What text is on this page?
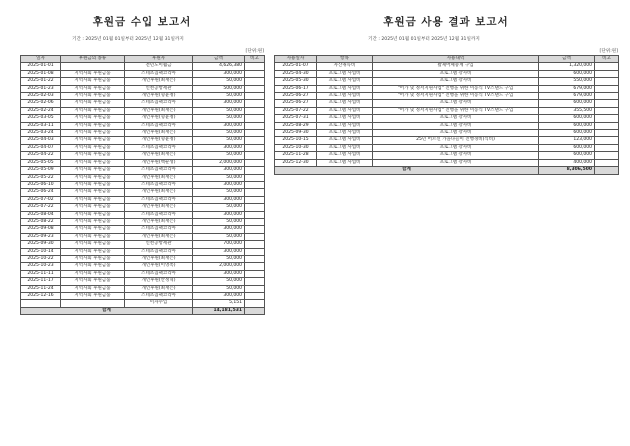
후원금 수입 보고서
기간 : 2025년 01월 01일부터 2025년 12월 31일까지
[단위:원]
일자	후원금의 종류	후원자	금액	비고
2025-01-01		전년도이월금	4,626,380	
2025-01-08	지역사회 후원금품	스테츠칩팩코리아	300,000	
2025-01-22	지역사회 후원금품	개인후원(최재은)	50,000	
2025-01-23	지역사회 후원금품	인천공항세관	500,000	
2025-02-03	지역사회 후원금품	개인후원(형윤정)	50,000	
2025-02-06	지역사회 후원금품	스테츠칩팩코리아	300,000	
2025-02-24	지역사회 후원금품	개인후원(최재은)	50,000	
2025-03-05	지역사회 후원금품	개인후원(형윤정)	50,000	
2025-03-11	지역사회 후원금품	스테츠칩팩코리아	300,000	
2025-03-24	지역사회 후원금품	개인후원(최재은)	50,000	
2025-04-03	지역사회 후원금품	개인후원(형윤정)	50,000	
2025-04-07	지역사회 후원금품	스테츠칩팩코리아	300,000	
2025-04-22	지역사회 후원금품	개인후원(최재은)	50,000	
2025-05-05	지역사회 후원금품	개인후원(백순성)	2,000,000	
2025-05-09	지역사회 후원금품	스테츠칩팩코리아	300,000	
2025-05-22	지역사회 후원금품	개인후원(최재은)	50,000	
2025-06-10	지역사회 후원금품	스테츠칩팩코리아	300,000	
2025-06-24	지역사회 후원금품	개인후원(최재은)	50,000	
2025-07-02	지역사회 후원금품	스테츠칩팩코리아	300,000	
2025-07-22	지역사회 후원금품	개인후원(최재은)	50,000	
2025-08-04	지역사회 후원금품	스테츠칩팩코리아	300,000	
2025-08-22	지역사회 후원금품	개인후원(최재은)	50,000	
2025-09-08	지역사회 후원금품	스테츠칩팩코리아	300,000	
2025-09-23	지역사회 후원금품	개인후원(최재은)	50,000	
2025-09-30	지역사회 후원금품	인천공항세관	700,000	
2025-10-14	지역사회 후원금품	스테츠칩팩코리아	300,000	
2025-10-22	지역사회 후원금품	개인후원(최재은)	50,000	
2025-10-23	지역사회 후원금품	개인후원(이영옥)	2,000,000	
2025-11-11	지역사회 후원금품	스테츠칩팩코리아	300,000	
2025-11-17	지역사회 후원금품	개인후원(안정혁)	50,000	
2025-11-24	지역사회 후원금품	개인후원(최재은)	50,000	
2025-12-16	지역사회 후원금품	스테츠칩팩코리아	300,000	
		이자수입	5,151	
합계			14,181,531	
후원금 사용 결과 보고서
기간 : 2025년 01월 01일부터 2025년 12월 31일까지
[단위:원]
사용일자	항목	사용내역	금액	비고
2025-01-07	자산취득비	활제어체중계 구입	1,320,000	
2025-04-30	프로그램 사업비	프로그램 강사비	600,000	
2025-05-30	프로그램 사업비	프로그램 강사비	550,000	
2025-06-17	프로그램 사업비	"어가 및 정서지원사업" 진행을 위한 이동식 TV스탠드 구입	679,000	
2025-06-27	프로그램 사업비	"어가 및 정서지원사업" 진행을 위한 이동식 TV스탠드 구입	679,000	
2025-06-27	프로그램 사업비	프로그램 강사비	600,000	
2025-07-22	프로그램 사업비	"어가 및 정서지원사업" 진행을 위한 이동식 TV스탠드 구입	355,500	
2025-07-31	프로그램 사업비	프로그램 강사비	600,000	
2025-08-29	프로그램 사업비	프로그램 강사비	600,000	
2025-09-30	프로그램 사업비	프로그램 강사비	600,000	
2025-10-15	프로그램 사업비	25년 어르신 가을나들이 진행경비(식비)	123,000	
2025-10-30	프로그램 사업비	프로그램 강사비	600,000	
2025-11-28	프로그램 사업비	프로그램 강사비	600,000	
2025-12-30	프로그램 사업비	프로그램 강사비	400,000	
합계			8,306,500	
